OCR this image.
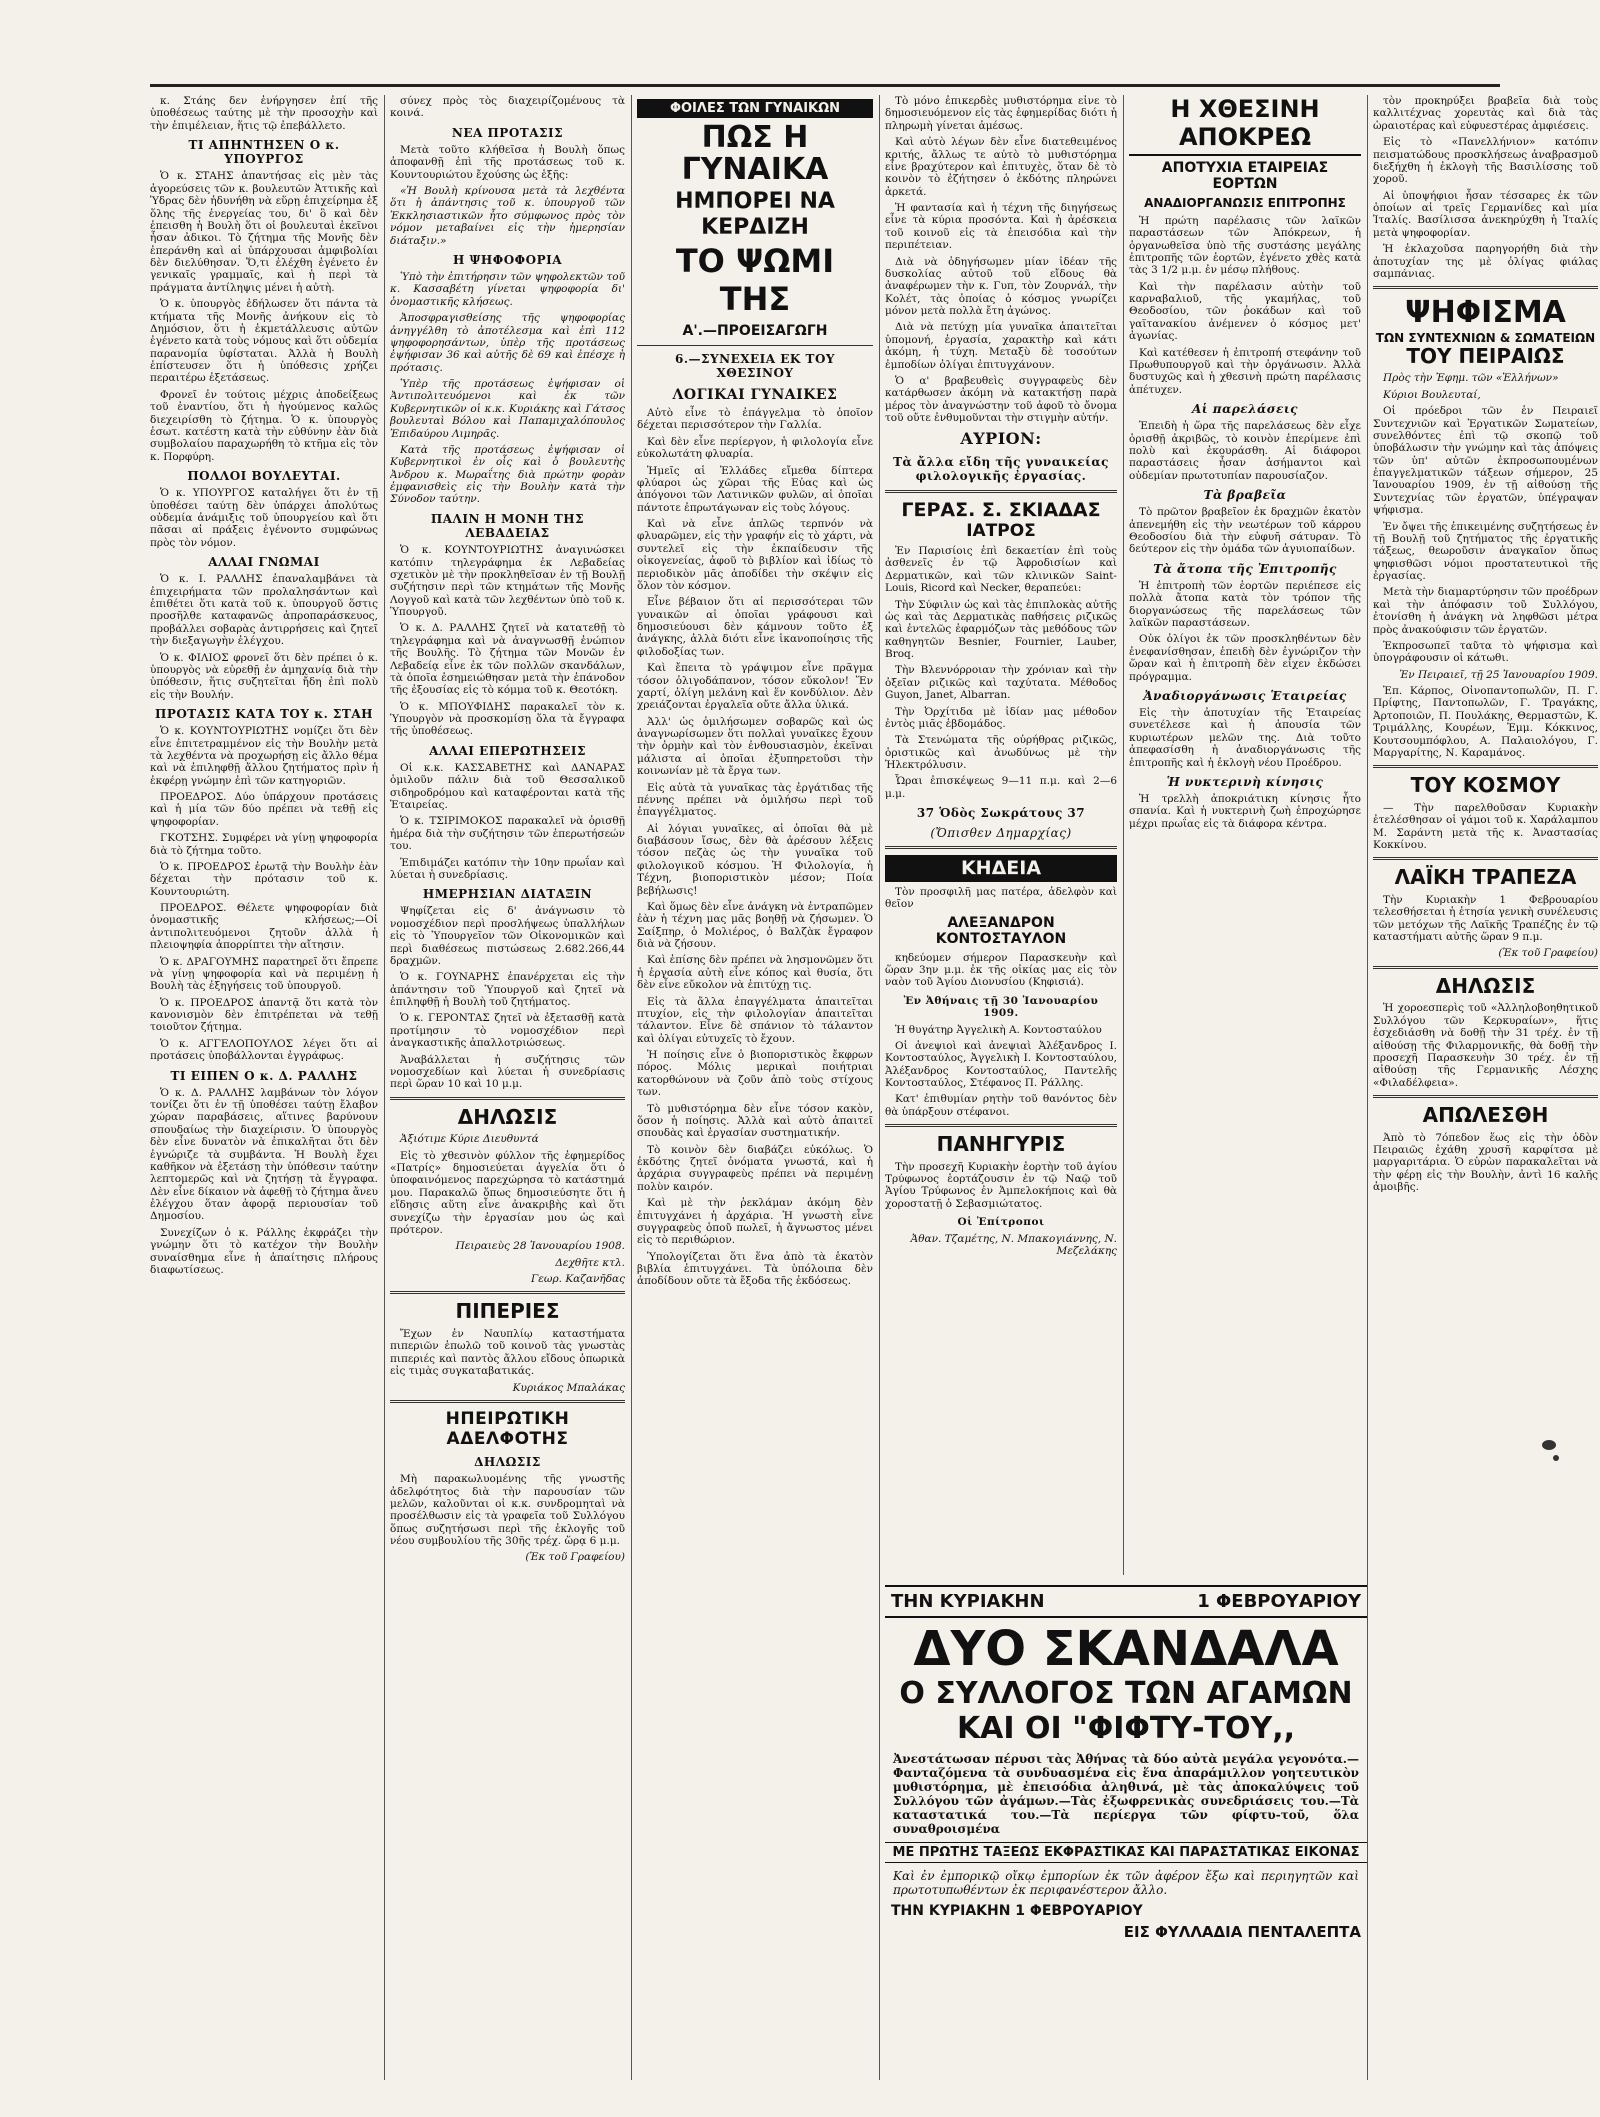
κ. Στάης δεν ἐνήργησεν ἐπί τῆς ὑποθέσεως ταύτης μὲ τὴν προσοχὴν καὶ τὴν ἐπιμέλειαν, ἥτις τῷ ἐπεβάλλετο.

ΤΙ ΑΠΗΝΤΗΣΕΝ Ο κ. ΥΠΟΥΡΓΟΣ

Ὁ κ. ΣΤΑΗΣ ἀπαντήσας εἰς μὲν τὰς ἀγορεύσεις τῶν κ. βουλευτῶν Ἀττικῆς καὶ Ὑδρας δὲν ἠδυνήθη νὰ εὕρῃ ἐπιχείρημα ἐξ ὅλης τῆς ἐνεργείας του, δι' ὃ καὶ δὲν ἐπεισθη ἡ Βουλὴ ὅτι οἱ βουλευταὶ ἐκεῖνοι ἦσαν ἀδικοι. Τὸ ζήτημα τῆς Μονῆς δὲν ἐπεράνθη καὶ αἱ ὑπάρχουσαι ἀμφιβολίαι δὲν διελύθησαν. Ὅ,τι ἐλέχθη ἐγένετο ἐν γενικαῖς γραμμαῖς, καὶ ἡ περὶ τὰ πράγματα ἀντίληψις μένει ἡ αὐτὴ.

Ὁ κ. ὑπουργὸς ἐδήλωσεν ὅτι πάντα τὰ κτήματα τῆς Μονῆς ἀνήκουν εἰς τὸ Δημόσιον, ὅτι ἡ ἐκμετάλλευσις αὐτῶν ἐγένετο κατὰ τοὺς νόμους καὶ ὅτι οὐδεμία παρανομία ὑφίσταται. Ἀλλὰ ἡ Βουλὴ ἐπίστευσεν ὅτι ἡ ὑπόθεσις χρήζει περαιτέρω ἐξετάσεως.

Φρονεῖ ἐν τούτοις μέχρις ἀποδείξεως τοῦ ἐναντίου, ὅτι ἡ ἡγούμενος καλῶς διεχειρίσθη τὸ ζήτημα. Ὁ κ. ὑπουργὸς ἐσωτ. κατέστη κατὰ τὴν εὐθύνην ἐὰν διὰ συμβολαίου παραχωρήθη τὸ κτῆμα εἰς τὸν κ. Πορφύρη.

ΠΟΛΛΟΙ ΒΟΥΛΕΥΤΑΙ.

Ὁ κ. ΥΠΟΥΡΓΟΣ καταλήγει ὅτι ἐν τῇ ὑποθέσει ταύτῃ δὲν ὑπάρχει ἀπολύτως οὐδεμία ἀνάμιξις τοῦ ὑπουργείου καὶ ὅτι πᾶσαι αἱ πράξεις ἐγένοντο συμφώνως πρὸς τὸν νόμον.

ΑΛΛΑΙ ΓΝΩΜΑΙ

Ὁ κ. Ι. ΡΑΛΛΗΣ ἐπαναλαμβάνει τὰ ἐπιχειρήματα τῶν προλαλησάντων καὶ ἐπιθέτει ὅτι κατὰ τοῦ κ. ὑπουργοῦ ὅστις προσῆλθε καταφανῶς ἀπροπαράσκευος, προβάλλει σοβαρὰς ἀντιρρήσεις καὶ ζητεῖ τὴν διεξαγωγὴν ἐλέγχου.

Ὁ κ. ΦΙΛΙΟΣ φρονεῖ ὅτι δὲν πρέπει ὁ κ. ὑπουργὸς νὰ εὑρεθῇ ἐν ἀμηχανίᾳ διὰ τὴν ὑπόθεσιν, ἥτις συζητεῖται ἤδη ἐπὶ πολὺ εἰς τὴν Βουλήν.

ΠΡΟΤΑΣΙΣ ΚΑΤΑ ΤΟΥ κ. ΣΤΑΗ

Ὁ κ. ΚΟΥΝΤΟΥΡΙΩΤΗΣ νομίζει ὅτι δὲν εἶνε ἐπιτετραμμένον εἰς τὴν Βουλὴν μετὰ τὰ λεχθέντα νὰ προχωρήσῃ εἰς ἄλλο θέμα καὶ νὰ ἐπιληφθῇ ἄλλου ζητήματος πρὶν ἡ ἐκφέρῃ γνώμην ἐπὶ τῶν κατηγοριῶν.

ΠΡΟΕΔΡΟΣ. Δύο ὑπάρχουν προτάσεις καὶ ἡ μία τῶν δύο πρέπει νὰ τεθῇ εἰς ψηφοφορίαν.

ΓΚΟΤΣΗΣ. Συμφέρει νὰ γίνῃ ψηφοφορία διὰ τὸ ζήτημα τοῦτο.

Ὁ κ. ΠΡΟΕΔΡΟΣ ἐρωτᾷ τὴν Βουλὴν ἐὰν δέχεται τὴν πρότασιν τοῦ κ. Κουντουριώτη.

ΠΡΟΕΔΡΟΣ. Θέλετε ψηφοφορίαν διὰ ὀνομαστικῆς κλήσεως;—Οἱ ἀντιπολιτευόμενοι ζητοῦν ἀλλὰ ἡ πλειοψηφία ἀπορρίπτει τὴν αἴτησιν.

Ὁ κ. ΔΡΑΓΟΥΜΗΣ παρατηρεῖ ὅτι ἔπρεπε νὰ γίνῃ ψηφοφορία καὶ νὰ περιμένῃ ἡ Βουλὴ τὰς ἐξηγήσεις τοῦ ὑπουργοῦ.

Ὁ κ. ΠΡΟΕΔΡΟΣ ἀπαντᾷ ὅτι κατὰ τὸν κανονισμὸν δὲν ἐπιτρέπεται νὰ τεθῇ τοιοῦτον ζήτημα.

Ὁ κ. ΑΓΓΕΛΟΠΟΥΛΟΣ λέγει ὅτι αἱ προτάσεις ὑποβάλλονται ἐγγράφως.

ΤΙ ΕΙΠΕΝ Ο κ. Δ. ΡΑΛΛΗΣ

Ὁ κ. Δ. ΡΑΛΛΗΣ λαμβάνων τὸν λόγον τονίζει ὅτι ἐν τῇ ὑποθέσει ταύτῃ ἔλαβον χώραν παραβάσεις, αἵτινες βαρύνουν σπουδαίως τὴν διαχείρισιν. Ὁ ὑπουργὸς δὲν εἶνε δυνατὸν νὰ ἐπικαλῆται ὅτι δὲν ἐγνώριζε τὰ συμβάντα. Ἡ Βουλὴ ἔχει καθῆκον νὰ ἐξετάσῃ τὴν ὑπόθεσιν ταύτην λεπτομερῶς καὶ νὰ ζητήσῃ τὰ ἔγγραφα. Δὲν εἶνε δίκαιον νὰ ἀφεθῇ τὸ ζήτημα ἄνευ ἐλέγχου ὅταν ἀφορᾷ περιουσίαν τοῦ Δημοσίου.

Συνεχίζων ὁ κ. Ράλλης ἐκφράζει τὴν γνώμην ὅτι τὸ κατέχον τὴν Βουλὴν συναίσθημα εἶνε ἡ ἀπαίτησις πλήρους διαφωτίσεως.

σύνεχ πρὸς τὸς διαχειρίζομένους τὰ κοινά.

ΝΕΑ ΠΡΟΤΑΣΙΣ

Μετὰ τοῦτο κλήθεῖσα ἡ Βουλὴ ὅπως ἀποφανθῇ ἐπὶ τῆς προτάσεως τοῦ κ. Κουντουριώτου ἔχούσης ὡς ἑξῆς:

«Ἡ Βουλὴ κρίνουσα μετὰ τὰ λεχθέντα ὅτι ἡ ἀπάντησις τοῦ κ. ὑπουργοῦ τῶν Ἐκκλησιαστικῶν ἦτο σύμφωνος πρὸς τὸν νόμον μεταβαίνει εἰς τὴν ἡμερησίαν διάταξιν.»

Η ΨΗΦΟΦΟΡΙΑ

Ὑπὸ τὴν ἐπιτήρησιν τῶν ψηφολεκτῶν τοῦ κ. Κασσαβέτη γίνεται ψηφοφορία δι' ὀνομαστικῆς κλήσεως.

Ἀποσφραγισθείσης τῆς ψηφοφορίας ἀνηγγέλθη τὸ ἀποτέλεσμα καὶ ἐπὶ 112 ψηφοφορησάντων, ὑπὲρ τῆς προτάσεως ἐψήφισαν 36 καὶ αὐτῆς δὲ 69 καὶ ἐπέσχε ἡ πρότασις.

Ὑπὲρ τῆς προτάσεως ἐψήφισαν οἱ Ἀντιπολιτευόμενοι καὶ ἐκ τῶν Κυβερνητικῶν οἱ κ.κ. Κυριάκης καὶ Γάτσος βουλευταὶ Βόλου καὶ Παπαμιχαλόπουλος Ἐπιδαύρου Λιμηρᾶς.

Κατὰ τῆς προτάσεως ἐψήφισαν οἱ Κυβερνητικοὶ ἐν οἷς καὶ ὁ βουλευτὴς Ἀνδρου κ. Μωραΐτης διὰ πρώτην φορὰν ἐμφανισθεὶς εἰς τὴν Βουλὴν κατὰ τὴν Σύνοδον ταύτην.

ΠΑΛΙΝ Η ΜΟΝΗ ΤΗΣ ΛΕΒΑΔΕΙΑΣ

Ὁ κ. ΚΟΥΝΤΟΥΡΙΩΤΗΣ ἀναγινώσκει κατόπιν τηλεγράφημα ἐκ Λεβαδείας σχετικὸν μὲ τὴν προκληθεῖσαν ἐν τῇ Βουλῇ συζήτησιν περὶ τῶν κτημάτων τῆς Μονῆς Λογγοῦ καὶ κατὰ τῶν λεχθέντων ὑπὸ τοῦ κ. Ὑπουργοῦ.

Ὁ κ. Δ. ΡΑΛΛΗΣ ζητεῖ νὰ κατατεθῇ τὸ τηλεγράφημα καὶ νὰ ἀναγνωσθῇ ἐνώπιον τῆς Βουλῆς. Τὸ ζήτημα τῶν Μονῶν ἐν Λεβαδείᾳ εἶνε ἐκ τῶν πολλῶν σκανδάλων, τὰ ὁποῖα ἐσημειώθησαν μετὰ τὴν ἐπάνοδον τῆς ἐξουσίας εἰς τὸ κόμμα τοῦ κ. Θεοτόκη.

Ὁ κ. ΜΠΟΥΦΙΔΗΣ παρακαλεῖ τὸν κ. Ὑπουργὸν νὰ προσκομίσῃ ὅλα τὰ ἔγγραφα τῆς ὑποθέσεως.

ΑΛΛΑΙ ΕΠΕΡΩΤΗΣΕΙΣ

Οἱ κ.κ. ΚΑΣΣΑΒΕΤΗΣ καὶ ΔΑΝΑΡΑΣ ὁμιλοῦν πάλιν διὰ τοῦ Θεσσαλικοῦ σιδηροδρόμου καὶ καταφέρονται κατὰ τῆς Ἑταιρείας.

Ὁ κ. ΤΣΙΡΙΜΟΚΟΣ παρακαλεῖ νὰ ὁρισθῇ ἡμέρα διὰ τὴν συζήτησιν τῶν ἐπερωτήσεών του.

Ἐπιδιμάζει κατόπιν τὴν 10ην πρωΐαν καὶ λύεται ἡ συνεδρίασις.

ΗΜΕΡΗΣΙΑΝ ΔΙΑΤΑΞΙΝ

Ψηφίζεται εἰς δ' ἀνάγνωσιν τὸ νομοσχέδιον περὶ προσλήψεως ὑπαλλήλων εἰς τὸ Ὑπουργεῖον τῶν Οἰκονομικῶν καὶ περὶ διαθέσεως πιστώσεως 2.682.266,44 δραχμῶν.

Ὁ κ. ΓΟΥΝΑΡΗΣ ἐπανέρχεται εἰς τὴν ἀπάντησιν τοῦ Ὑπουργοῦ καὶ ζητεῖ νὰ ἐπιληφθῇ ἡ Βουλὴ τοῦ ζητήματος.

Ὁ κ. ΓΕΡΟΝΤΑΣ ζητεῖ νὰ ἐξετασθῇ κατὰ προτίμησιν τὸ νομοσχέδιον περὶ ἀναγκαστικῆς ἀπαλλοτριώσεως.

Ἀναβάλλεται ἡ συζήτησις τῶν νομοσχεδίων καὶ λύεται ἡ συνεδρίασις περὶ ὥραν 10 καὶ 10 μ.μ.

ΔΗΛΩΣΙΣ

Ἀξιότιμε Κύριε Διευθυντά

Εἰς τὸ χθεσινὸν φύλλον τῆς ἐφημερίδος «Πατρίς» δημοσιεύεται ἀγγελία ὅτι ὁ ὑποφαινόμενος παρεχώρησα τὸ κατάστημά μου. Παρακαλῶ ὅπως δημοσιεύσητε ὅτι ἡ εἴδησις αὕτη εἶνε ἀνακριβὴς καὶ ὅτι συνεχίζω τὴν ἐργασίαν μου ὡς καὶ πρότερον.

Πειραιεὺς 28 Ἰανουαρίου 1908.

Δεχθῆτε κτλ.

Γεωρ. Καζανῆδας

ΠΙΠΕΡΙΕΣ

Ἔχων ἐν Ναυπλίῳ καταστήματα πιπεριῶν ἐπωλῶ τοῦ κοινοῦ τὰς γνωστὰς πιπεριές καὶ παντὸς ἄλλου εἴδους ὀπωρικὰ εἰς τιμὰς συγκαταβατικάς.

Κυριάκος Μπαλάκας

ΗΠΕΙΡΩΤΙΚΗ ΑΔΕΛΦΟΤΗΣ

ΔΗΛΩΣΙΣ

Μὴ παρακωλυομένης τῆς γνωστῆς ἀδελφότητος διὰ τὴν παρουσίαν τῶν μελῶν, καλοῦνται οἱ κ.κ. συνδρομηταὶ νὰ προσέλθωσιν εἰς τὰ γραφεῖα τοῦ Συλλόγου ὅπως συζητήσωσι περὶ τῆς ἐκλογῆς τοῦ νέου συμβουλίου τῆς 30ῆς τρέχ. ὥρᾳ 6 μ.μ.

(Ἐκ τοῦ Γραφείου)

ΦΟΙΛΕΣ ΤΩΝ ΓΥΝΑΙΚΩΝ
ΠΩΣ Η ΓΥΝΑΙΚΑ
ΗΜΠΟΡΕΙ ΝΑ ΚΕΡΔΙΖΗ
ΤΟ ΨΩΜΙ ΤΗΣ
Α'.—ΠΡΟΕΙΣΑΓΩΓΗ

6.—ΣΥΝΕΧΕΙΑ ΕΚ ΤΟΥ ΧΘΕΣΙΝΟΥ

ΛΟΓΙΚΑΙ ΓΥΝΑΙΚΕΣ

Αὐτὸ εἶνε τὸ ἐπάγγελμα τὸ ὁποῖον δέχεται περισσότερον τὴν Γαλλία.

Καὶ δὲν εἶνε περίεργον, ἡ φιλολογία εἶνε εὐκολωτάτη φλυαρία.

Ἡμεῖς αἱ Ἑλλάδες εἴμεθα δίπτερα φλύαροι ὡς χῶραι τῆς Εὐας καὶ ὡς ἀπόγονοι τῶν Λατινικῶν φυλῶν, αἱ ὁποῖαι πάντοτε ἐπρωτάγωναν εἰς τοὺς λόγους.

Καὶ νὰ εἶνε ἁπλῶς τερπνόν νὰ φλυαρῶμεν, εἰς τὴν γραφήν εἰς τὸ χάρτι, νὰ συντελεῖ εἰς τὴν ἐκπαίδευσιν τῆς οἰκογενείας, ἀφοῦ τὸ βιβλίον καὶ ἰδίως τὸ περιοδικὸν μᾶς ἀποδίδει τὴν σκέψιν εἰς ὅλον τὸν κόσμον.

Εἶνε βέβαιον ὅτι αἱ περισσότεραι τῶν γυναικῶν αἱ ὁποῖαι γράφουσι καὶ δημοσιεύουσι δὲν κάμνουν τοῦτο ἐξ ἀνάγκης, ἀλλὰ διότι εἶνε ἱκανοποίησις τῆς φιλοδοξίας των.

Καὶ ἔπειτα τὸ γράψιμον εἶνε πρᾶγμα τόσον ὀλιγοδάπανον, τόσον εὔκολον! Ἕν χαρτί, ὀλίγη μελάνη καὶ ἕν κονδύλιον. Δὲν χρειάζονται ἐργαλεῖα οὔτε ἄλλα ὑλικά.

Ἀλλ' ὡς ὁμιλήσωμεν σοβαρῶς καὶ ὡς ἀναγνωρίσωμεν ὅτι πολλαὶ γυναῖκες ἔχουν τὴν ὁρμὴν καὶ τὸν ἐνθουσιασμὸν, ἐκεῖναι μάλιστα αἱ ὁποῖαι ἐξυπηρετοῦσι τὴν κοινωνίαν μὲ τὰ ἔργα των.

Εἰς αὐτὰ τὰ γυναῖκας τὰς ἐργάτιδας τῆς πέννης πρέπει νὰ ὁμιλήσω περὶ τοῦ ἐπαγγέλματος.

Αἱ λόγιαι γυναῖκες, αἱ ὁποῖαι θὰ μὲ διαβάσουν ἴσως, δὲν θὰ ἀρέσουν λέξεις τόσον πεζὰς ὡς τὴν γυναῖκα τοῦ φιλολογικοῦ κόσμου. Ἡ Φιλολογία, ἡ Τέχνη, βιοποριστικὸν μέσον; Ποία βεβήλωσις!

Καὶ ὅμως δὲν εἶνε ἀνάγκη νὰ ἐντραπῶμεν ἐὰν ἡ τέχνη μας μᾶς βοηθῇ νὰ ζήσωμεν. Ὁ Σαίξπηρ, ὁ Μολιέρος, ὁ Βαλζὰκ ἔγραφον διὰ νὰ ζήσουν.

Καὶ ἐπίσης δὲν πρέπει νὰ λησμονῶμεν ὅτι ἡ ἐργασία αὐτὴ εἶνε κόπος καὶ θυσία, ὅτι δὲν εἶνε εὔκολον νὰ ἐπιτύχῃ τις.

Εἰς τὰ ἄλλα ἐπαγγέλματα ἀπαιτεῖται πτυχίον, εἰς τὴν φιλολογίαν ἀπαιτεῖται τάλαντον. Εἶνε δὲ σπάνιον τὸ τάλαντον καὶ ὀλίγαι εὐτυχεῖς τὸ ἔχουν.

Ἡ ποίησις εἶνε ὁ βιοποριστικὸς ἔκφρων πόρος. Μόλις μερικαὶ ποιήτριαι κατορθώνουν νὰ ζοῦν ἀπὸ τοὺς στίχους των.

Τὸ μυθιστόρημα δὲν εἶνε τόσον κακὸν, ὅσον ἡ ποίησις. Ἀλλὰ καὶ αὐτὸ ἀπαιτεῖ σπουδὰς καὶ ἐργασίαν συστηματικήν.

Τὸ κοινὸν δὲν διαβάζει εὐκόλως. Ὁ ἐκδότης ζητεῖ ὀνόματα γνωστά, καὶ ἡ ἀρχάρια συγγραφεὺς πρέπει νὰ περιμένῃ πολὺν καιρόν.

Καὶ μὲ τὴν ῥεκλάμαν ἀκόμη δὲν ἐπιτυγχάνει ἡ ἀρχάρια. Ἡ γνωστὴ εἶνε συγγραφεὺς ὁποῦ πωλεῖ, ἡ ἄγνωστος μένει εἰς τὸ περιθώριον.

Ὑπολογίζεται ὅτι ἕνα ἀπὸ τὰ ἑκατὸν βιβλία ἐπιτυγχάνει. Τὰ ὑπόλοιπα δὲν ἀποδίδουν οὔτε τὰ ἔξοδα τῆς ἐκδόσεως.

Τὸ μόνο ἐπικερδὲς μυθιστόρημα εἶνε τὸ δημοσιευόμενον εἰς τὰς ἐφημερίδας διότι ἡ πληρωμὴ γίνεται ἀμέσως.

Καὶ αὐτὸ λέγων δὲν εἶνε διατεθειμένος κριτής, ἄλλως τε αὐτὸ τὸ μυθιστόρημα εἶνε βραχύτερον καὶ ἐπιτυχὲς, ὅταν δὲ τὸ κοινὸν τὸ ἐζήτησεν ὁ ἐκδότης πληρώνει ἀρκετά.

Ἡ φαντασία καὶ ἡ τέχνη τῆς διηγήσεως εἶνε τὰ κύρια προσόντα. Καὶ ἡ ἀρέσκεια τοῦ κοινοῦ εἰς τὰ ἐπεισόδια καὶ τὴν περιπέτειαν.

Διὰ νὰ ὁδηγήσωμεν μίαν ἰδέαν τῆς δυσκολίας αὐτοῦ τοῦ εἴδους θὰ ἀναφέρωμεν τὴν κ. Γυπ, τὸν Ζουρνάλ, τὴν Κολέτ, τὰς ὁποίας ὁ κόσμος γνωρίζει μόνον μετὰ πολλὰ ἔτη ἀγώνος.

Διὰ νὰ πετύχῃ μία γυναῖκα ἀπαιτεῖται ὑπομονή, ἐργασία, χαρακτὴρ καὶ κάτι ἀκόμη, ἡ τύχη. Μεταξὺ δὲ τοσούτων ἐμποδίων ὀλίγαι ἐπιτυγχάνουν.

Ὁ α' βραβευθεὶς συγγραφεὺς δὲν κατάρθωσεν ἀκόμη νὰ κατακτήσῃ παρὰ μέρος τὸν ἀναγνώστην τοῦ ἀφοῦ τὸ ὄνομα τοῦ οὔτε ἐνθυμοῦνται τὴν στιγμὴν αὐτήν.

ΑΥΡΙΟΝ:

Τὰ ἄλλα εἴδη τῆς γυναικείας φιλολογικῆς ἐργασίας.

ΓΕΡΑΣ. Σ. ΣΚΙΑΔΑΣ
ΙΑΤΡΟΣ

Ἐν Παρισίοις ἐπὶ δεκαετίαν ἐπὶ τοὺς ἀσθενεῖς ἐν τῷ Ἀφροδισίων καὶ Δερματικῶν, καὶ τῶν κλινικῶν Saint-Louis, Ricord καὶ Necker, θεραπεύει:

Τὴν Σύφιλιν ὡς καὶ τὰς ἐπιπλοκὰς αὐτῆς ὡς καὶ τὰς Δερματικὰς παθήσεις ριζικῶς καὶ ἐντελῶς ἐφαρμόζων τὰς μεθόδους τῶν καθηγητῶν Besnier, Fournier, Lauber, Broq.

Τὴν Βλεννόρροιαν τὴν χρόνιαν καὶ τὴν ὀξεῖαν ριζικῶς καὶ ταχύτατα. Μέθοδος Guyon, Janet, Albarran.

Τὴν Ὀρχίτιδα μὲ ἰδίαν μας μέθοδον ἐντὸς μιᾶς ἑβδομάδος.

Τὰ Στενώματα τῆς οὐρήθρας ριζικῶς, ὁριστικῶς καὶ ἀνωδύνως μὲ τὴν Ἠλεκτρόλυσιν.

Ὧραι ἐπισκέψεως 9—11 π.μ. καὶ 2—6 μ.μ.

37 Ὁδὸς Σωκράτους 37

(Ὄπισθεν Δημαρχίας)

ΚΗΔΕΙΑ

Τὸν προσφιλῆ μας πατέρα, ἀδελφὸν καὶ θεῖον

ΑΛΕΞΑΝΔΡΟΝ ΚΟΝΤΟΣΤΑΥΛΟΝ

κηδεύομεν σήμερον Παρασκευὴν καὶ ὥραν 3ην μ.μ. ἐκ τῆς οἰκίας μας εἰς τὸν ναὸν τοῦ Ἁγίου Διονυσίου (Κηφισιά).

Ἐν Ἀθήναις τῇ 30 Ἰανουαρίου 1909.

Ἡ θυγάτηρ Ἀγγελικὴ Α. Κοντοσταύλου

Οἱ ἀνεψιοὶ καὶ ἀνεψιαὶ Ἀλέξανδρος Ι. Κοντοσταύλος, Ἀγγελικὴ Ι. Κοντοσταύλου, Ἀλέξανδρος Κοντοσταύλος, Παντελῆς Κοντοσταύλος, Στέφανος Π. Ράλλης.

Κατ' ἐπιθυμίαν ρητὴν τοῦ θανόντος δὲν θὰ ὑπάρξουν στέφανοι.

ΠΑΝΗΓΥΡΙΣ

Τὴν προσεχῆ Κυριακὴν ἑορτὴν τοῦ ἁγίου Τρύφωνος ἑορτάζουσιν ἐν τῷ Ναῷ τοῦ Ἁγίου Τρύφωνος ἐν Ἀμπελοκήποις καὶ θὰ χοροστατῇ ὁ Σεβασμιώτατος.

Οἱ Ἐπίτροποι

Ἀθαν. Τζαμέτης, Ν. Μπακογιάννης, Ν. Μεζελάκης

Η ΧΘΕΣΙΝΗ ΑΠΟΚΡΕΩ
ΑΠΟΤΥΧΙΑ ΕΤΑΙΡΕΙΑΣ ΕΟΡΤΩΝ
ΑΝΑΔΙΟΡΓΑΝΩΣΙΣ ΕΠΙΤΡΟΠΗΣ

Ἡ πρώτη παρέλασις τῶν λαϊκῶν παραστάσεων τῶν Ἀπόκρεων, ἡ ὀργανωθεῖσα ὑπὸ τῆς συστάσης μεγάλης ἐπιτροπῆς τῶν ἑορτῶν, ἐγένετο χθὲς κατὰ τὰς 3 1/2 μ.μ. ἐν μέσῳ πλήθους.

Καὶ τὴν παρέλασιν αὐτὴν τοῦ καρναβαλιοῦ, τῆς γκαμήλας, τοῦ Θεοδοσίου, τῶν ῥοκάδων καὶ τοῦ γαϊτανακίου ἀνέμενεν ὁ κόσμος μετ' ἀγωνίας.

Καὶ κατέθεσεν ἡ ἐπιτροπή στεφάνην τοῦ Πρωθυπουργοῦ καὶ τὴν ὀργάνωσιν. Ἀλλὰ δυστυχῶς καὶ ἡ χθεσινὴ πρώτη παρέλασις ἀπέτυχεν.

Αἱ παρελάσεις

Ἐπειδὴ ἡ ὥρα τῆς παρελάσεως δὲν εἶχε ὁρισθῇ ἀκριβῶς, τὸ κοινὸν ἐπερίμενε ἐπὶ πολὺ καὶ ἐκουράσθη. Αἱ διάφοροι παραστάσεις ἦσαν ἀσήμαντοι καὶ οὐδεμίαν πρωτοτυπίαν παρουσίαζον.

Τὰ βραβεῖα

Τὸ πρῶτον βραβεῖον ἐκ δραχμῶν ἑκατὸν ἀπενεμήθη εἰς τὴν νεωτέρων τοῦ κάρρου Θεοδοσίου διὰ τὴν εὐφυῆ σάτυραν. Τὸ δεύτερον εἰς τὴν ὁμάδα τῶν ἀγυιοπαίδων.

Τὰ ἄτοπα τῆς Ἐπιτροπῆς

Ἡ ἐπιτροπὴ τῶν ἑορτῶν περιέπεσε εἰς πολλὰ ἄτοπα κατὰ τὸν τρόπον τῆς διοργανώσεως τῆς παρελάσεως τῶν λαϊκῶν παραστάσεων.

Οὐκ ὀλίγοι ἐκ τῶν προσκληθέντων δὲν ἐνεφανίσθησαν, ἐπειδὴ δὲν ἐγνώριζον τὴν ὥραν καὶ ἡ ἐπιτροπὴ δὲν εἶχεν ἐκδώσει πρόγραμμα.

Ἀναδιοργάνωσις Ἑταιρείας

Εἰς τὴν ἀποτυχίαν τῆς Ἑταιρείας συνετέλεσε καὶ ἡ ἀπουσία τῶν κυριωτέρων μελῶν της. Διὰ τοῦτο ἀπεφασίσθη ἡ ἀναδιοργάνωσις τῆς ἐπιτροπῆς καὶ ἡ ἐκλογὴ νέου Προέδρου.

Ἡ νυκτερινὴ κίνησις

Ἡ τρελλὴ ἀποκριάτικη κίνησις ἦτο σπανία. Καὶ ἡ νυκτερινὴ ζωὴ ἐπροχώρησε μέχρι πρωΐας εἰς τὰ διάφορα κέντρα.

τὸν προκηρύξει βραβεῖα διὰ τοὺς καλλιτέχνας χορευτὰς καὶ διὰ τὰς ὡραιοτέρας καὶ εὐφυεστέρας ἀμφιέσεις.

Εἰς τὸ «Πανελλήνιον» κατόπιν πεισματώδους προσκλήσεως ἀναβρασμοῦ διεξήχθη ἡ ἐκλογὴ τῆς Βασιλίσσης τοῦ χοροῦ.

Αἱ ὑποψήφιοι ἦσαν τέσσαρες ἐκ τῶν ὁποίων αἱ τρεῖς Γερμανίδες καὶ μία Ἰταλίς. Βασίλισσα ἀνεκηρύχθη ἡ Ἰταλίς μετὰ ψηφοφορίαν.

Ἡ ἐκλαχοῦσα παρηγορήθη διὰ τὴν ἀποτυχίαν της μὲ ὀλίγας φιάλας σαμπάνιας.

ΨΗΦΙΣΜΑ
ΤΩΝ ΣΥΝΤΕΧΝΙΩΝ & ΣΩΜΑΤΕΙΩΝ
ΤΟΥ ΠΕΙΡΑΙΩΣ

Πρὸς τὴν Ἐφημ. τῶν «Ἑλλήνων»

Κύριοι Βουλευταί,

Οἱ πρόεδροι τῶν ἐν Πειραιεῖ Συντεχνιῶν καὶ Ἐργατικῶν Σωματείων, συνελθόντες ἐπὶ τῷ σκοπῷ τοῦ ὑποβάλωσιν τὴν γνώμην καὶ τὰς ἀπόψεις τῶν ὑπ' αὐτῶν ἐκπροσωπουμένων ἐπαγγελματικῶν τάξεων σήμερον, 25 Ἰανουαρίου 1909, ἐν τῇ αἰθούσῃ τῆς Συντεχνίας τῶν ἐργατῶν, ὑπέγραψαν ψήφισμα.

Ἐν ὄψει τῆς ἐπικειμένης συζητήσεως ἐν τῇ Βουλῇ τοῦ ζητήματος τῆς ἐργατικῆς τάξεως, θεωροῦσιν ἀναγκαῖον ὅπως ψηφισθῶσι νόμοι προστατευτικοὶ τῆς ἐργασίας.

Μετὰ τὴν διαμαρτύρησιν τῶν προέδρων καὶ τὴν ἀπόφασιν τοῦ Συλλόγου, ἐτονίσθη ἡ ἀνάγκη νὰ ληφθῶσι μέτρα πρὸς ἀνακούφισιν τῶν ἐργατῶν.

Ἐκπροσωπεῖ ταῦτα τὸ ψήφισμα καὶ ὑπογράφουσιν οἱ κάτωθι.

Ἐν Πειραιεῖ, τῇ 25 Ἰανουαρίου 1909.

Ἐπ. Κάρπος, Οἰνοπαντοπωλῶν, Π. Γ. Πρίφτης, Παντοπωλῶν, Γ. Τραγάκης, Ἀρτοποιῶν, Π. Πουλάκης, Θερμαστῶν, Κ. Τριμάλλης, Κουρέων, Ἐμμ. Κόκκινος, Κουτσουμπόφλου, Α. Παλαιολόγου, Γ. Μαργαρίτης, Ν. Καραμάνος.

ΤΟΥ ΚΟΣΜΟΥ

— Τὴν παρελθοῦσαν Κυριακὴν ἐτελέσθησαν οἱ γάμοι τοῦ κ. Χαράλαμπου Μ. Σαράντη μετὰ τῆς κ. Ἀναστασίας Κοκκίνου.

ΛΑΪΚΗ ΤΡΑΠΕΖΑ

Τὴν Κυριακὴν 1 Φεβρουαρίου τελεσθήσεται ἡ ἐτησία γενικὴ συνέλευσις τῶν μετόχων τῆς Λαϊκῆς Τραπέζης ἐν τῷ καταστήματι αὐτῆς ὥραν 9 π.μ.

(Ἐκ τοῦ Γραφείου)

ΔΗΛΩΣΙΣ

Ἡ χοροεσπερὶς τοῦ «Ἀλληλοβοηθητικοῦ Συλλόγου τῶν Κερκυραίων», ἥτις ἐσχεδιάσθη νὰ δοθῇ τὴν 31 τρέχ. ἐν τῇ αἰθούσῃ τῆς Φιλαρμονικῆς, θὰ δοθῇ τὴν προσεχῆ Παρασκευὴν 30 τρέχ. ἐν τῇ αἰθούσῃ τῆς Γερμανικῆς Λέσχης «Φιλαδέλφεια».

ΑΠΩΛΕΣΘΗ

Ἀπὸ τὸ 7όπεδον ἕως εἰς τὴν ὁδὸν Πειραιῶς ἐχάθη χρυσῆ καρφίτσα μὲ μαργαριτάρια. Ὁ εὑρὼν παρακαλεῖται νὰ τὴν φέρῃ εἰς τὴν Βουλὴν, ἀντὶ 16 καλῆς ἀμοιβῆς.

ΤΗΝ ΚΥΡΙΑΚΗΝ	1 ΦΕΒΡΟΥΑΡΙΟΥ
ΔΥΟ ΣΚΑΝΔΑΛΑ
Ο ΣΥΛΛΟΓΟΣ ΤΩΝ ΑΓΑΜΩΝ
ΚΑΙ ΟΙ "ΦΙΦΤΥ-ΤΟΥ,,
Ἀνεστάτωσαν πέρυσι τὰς Ἀθήνας τὰ δύο αὐτὰ μεγάλα γεγονότα.—Φανταζόμενα τὰ συνδυασμένα εἰς ἕνα ἀπαράμιλλον γοητευτικὸν μυθιστόρημα, μὲ ἐπεισόδια ἀληθινά, μὲ τὰς ἀποκαλύψεις τοῦ Συλλόγου τῶν ἀγάμων.—Τὰς ἐξωφρενικὰς συνεδριάσεις του.—Τὰ καταστατικά του.—Τὰ περίεργα τῶν φίφτυ-τοῦ, ὅλα συναθροισμένα
ΜΕ ΠΡΩΤΗΣ ΤΑΞΕΩΣ ΕΚΦΡΑΣΤΙΚΑΣ ΚΑΙ ΠΑΡΑΣΤΑΤΙΚΑΣ ΕΙΚΟΝΑΣ
Καὶ ἐν ἐμπορικῷ οἴκῳ ἐμπορίων ἐκ τῶν ἀφέρον ἔξω καὶ περιηγητῶν καὶ πρωτοτυπωθέντων ἐκ περιφανέστερον ἄλλο.
ΤΗΝ ΚΥΡΙΑΚΗΝ 1 ΦΕΒΡΟΥΑΡΙΟΥ
ΕΙΣ ΦΥΛΛΑΔΙΑ ΠΕΝΤΑΛΕΠΤΑ
